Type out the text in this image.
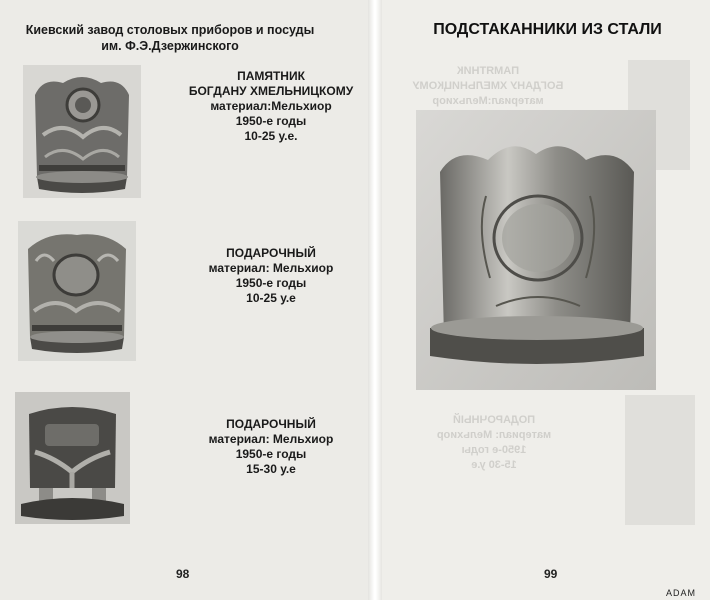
Киевский завод столовых приборов и посуды
им. Ф.Э.Дзержинского
ПАМЯТНИК
БОГДАНУ ХМЕЛЬНИЦКОМУ
материал:Мельхиор
1950-е годы
10-25 у.е.
ПОДАРОЧНЫЙ
материал: Мельхиор
1950-е годы
10-25 у.е
ПОДАРОЧНЫЙ
материал: Мельхиор
1950-е годы
15-30 у.е
98
ПОДСТАКАННИКИ ИЗ СТАЛИ
ПАМЯТНИК
БОГДАНУ ХМЕЛЬНИЦКОМУ
материал:Мельхиор
ПОДАРОЧНЫЙ
материал: Мельхиор
1950-е годы
15-30 у.е
99
ADAM
